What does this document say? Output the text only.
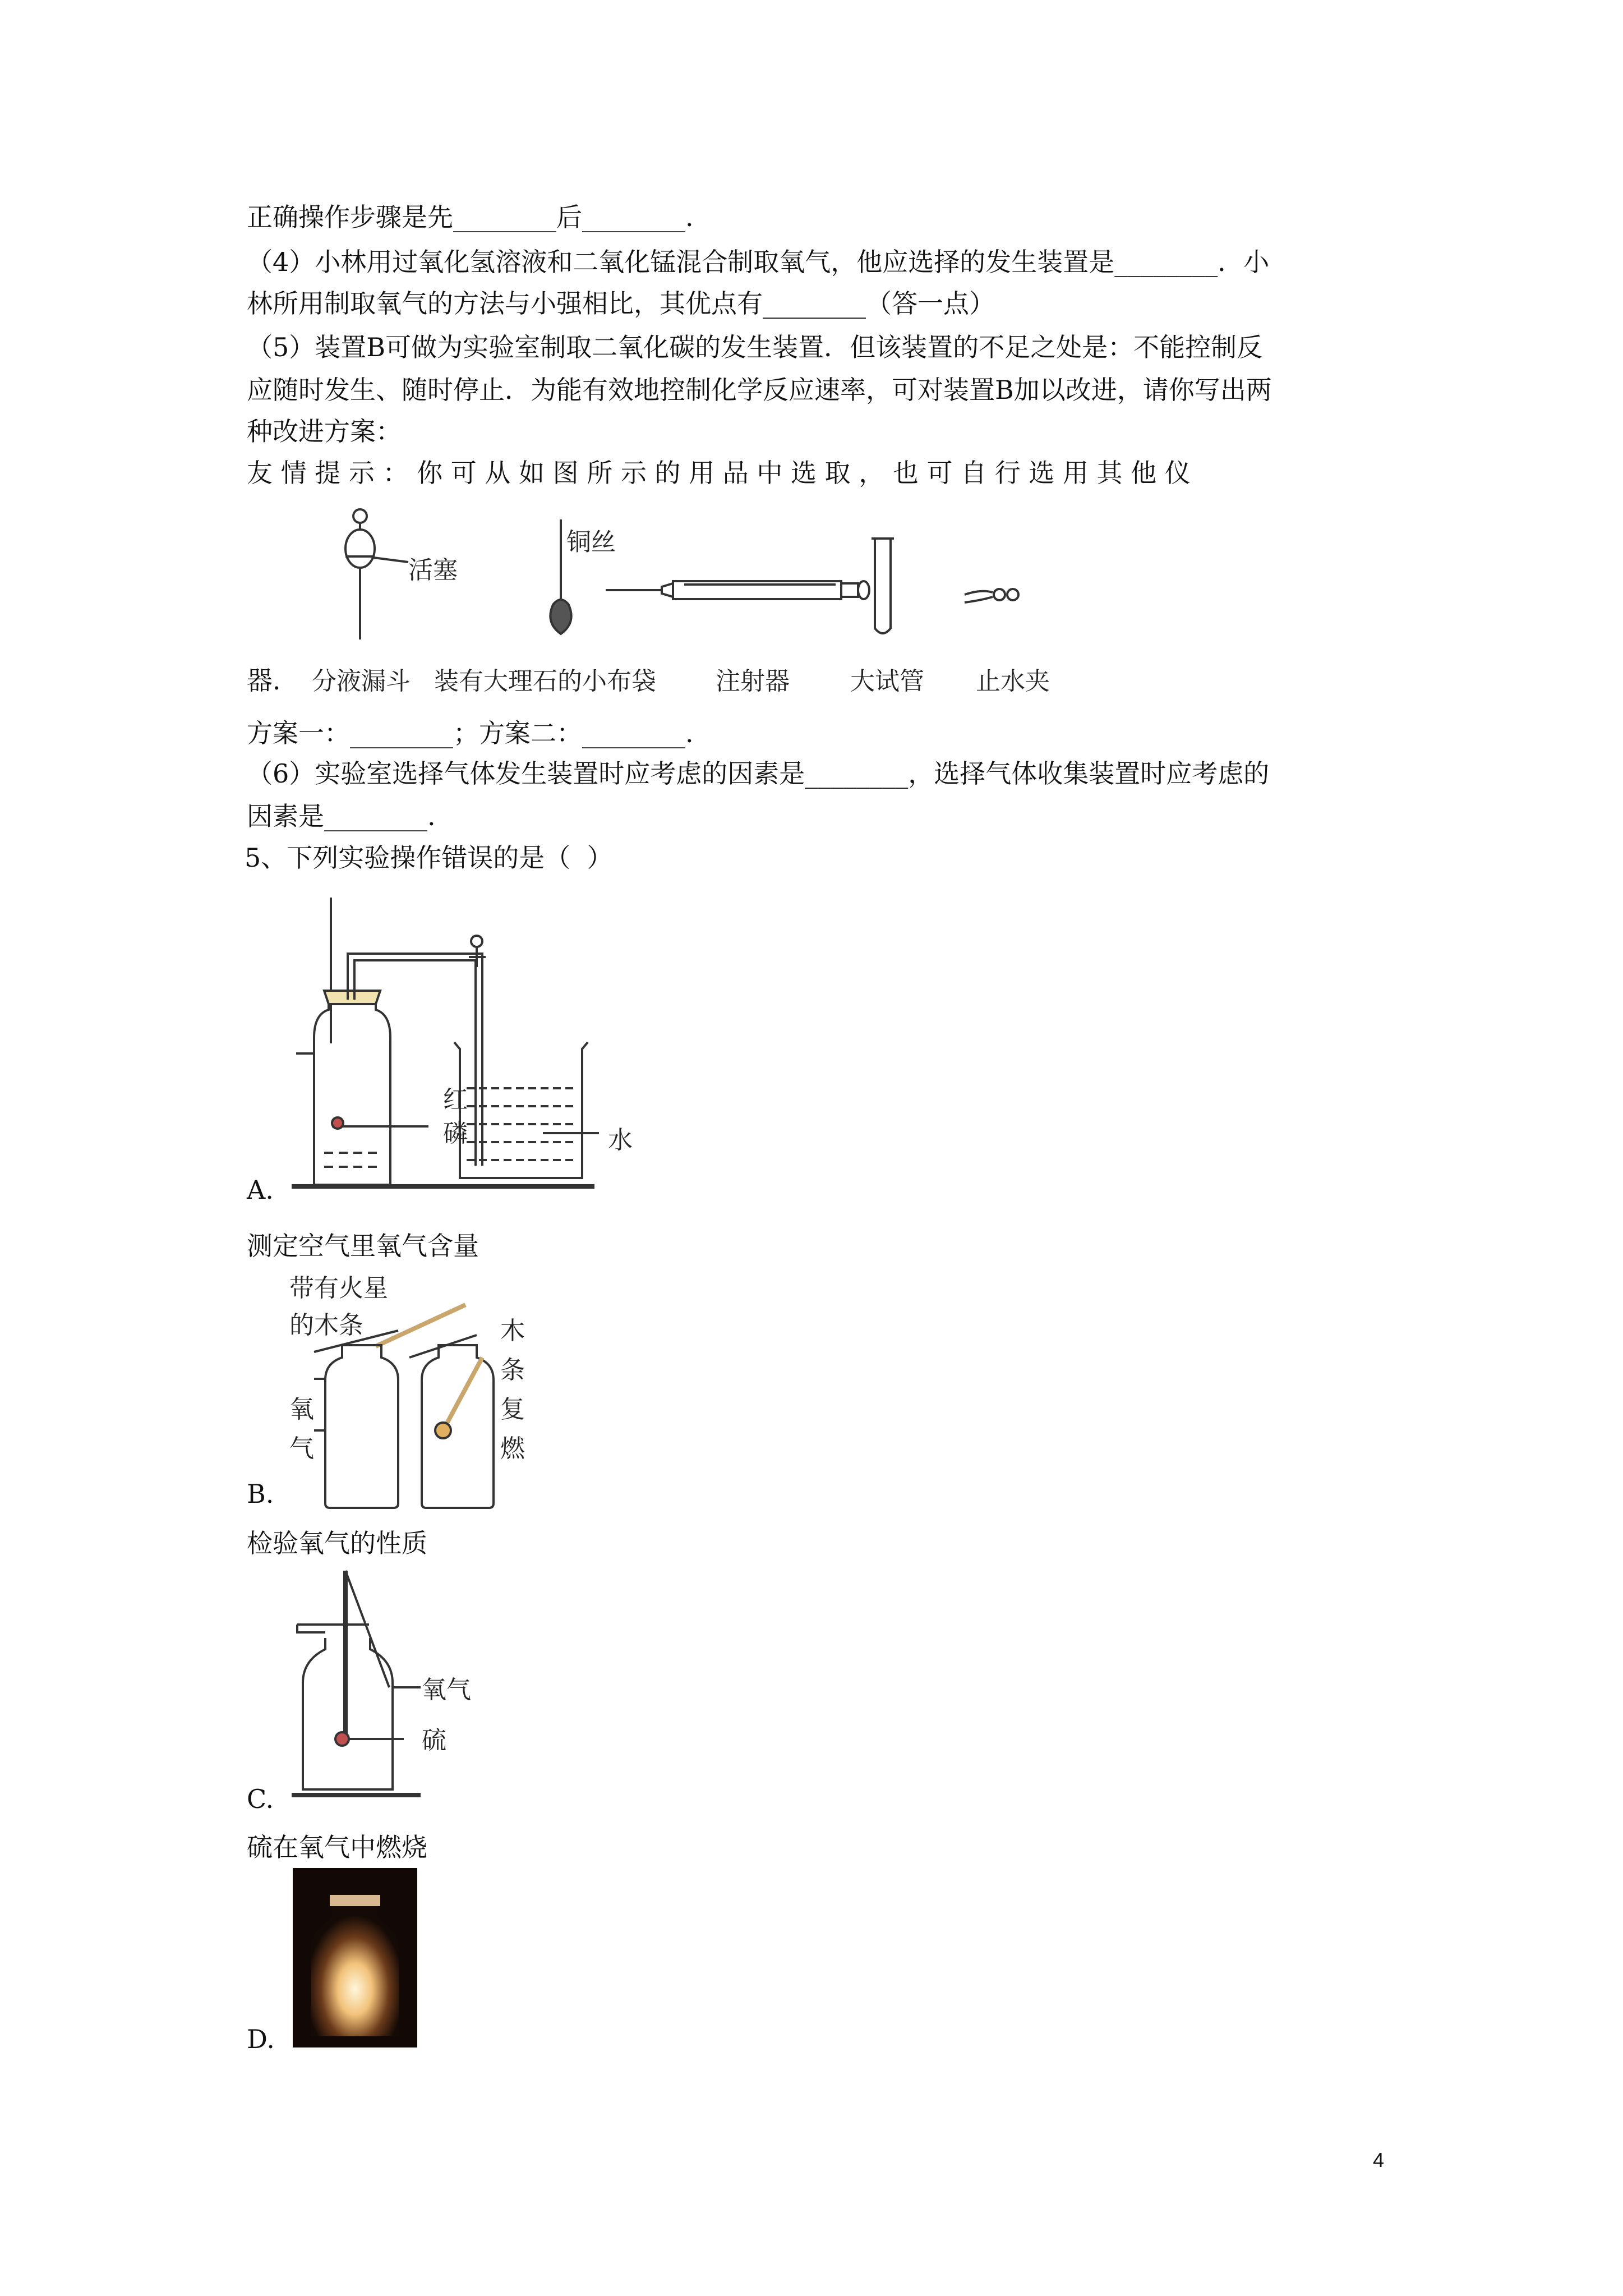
正确操作步骤是先________后________.
（4）小林用过氧化氢溶液和二氧化锰混合制取氧气，他应选择的发生装置是________．小
林所用制取氧气的方法与小强相比，其优点有________（答一点）
（5）装置B可做为实验室制取二氧化碳的发生装置．但该装置的不足之处是：不能控制反
应随时发生、随时停止．为能有效地控制化学反应速率，可对装置B加以改进，请你写出两
种改进方案：
友 情 提 示 ： 你 可 从 如 图 所 示 的 用 品 中 选 取 ， 也 可 自 行 选 用 其 他 仪
活塞
铜丝
器． 分液漏斗 装有大理石的小布袋 注射器 大试管 止水夹
方案一：________；方案二：________.
（6）实验室选择气体发生装置时应考虑的因素是________，选择气体收集装置时应考虑的
因素是________.
5、下列实验操作错误的是（  ）
红
磷	水
A.
测定空气里氧气含量
带有火星
的木条
氧
气
木
条
复
燃
B.
检验氧气的性质
氧气
硫
C.
硫在氧气中燃烧
D.
4
